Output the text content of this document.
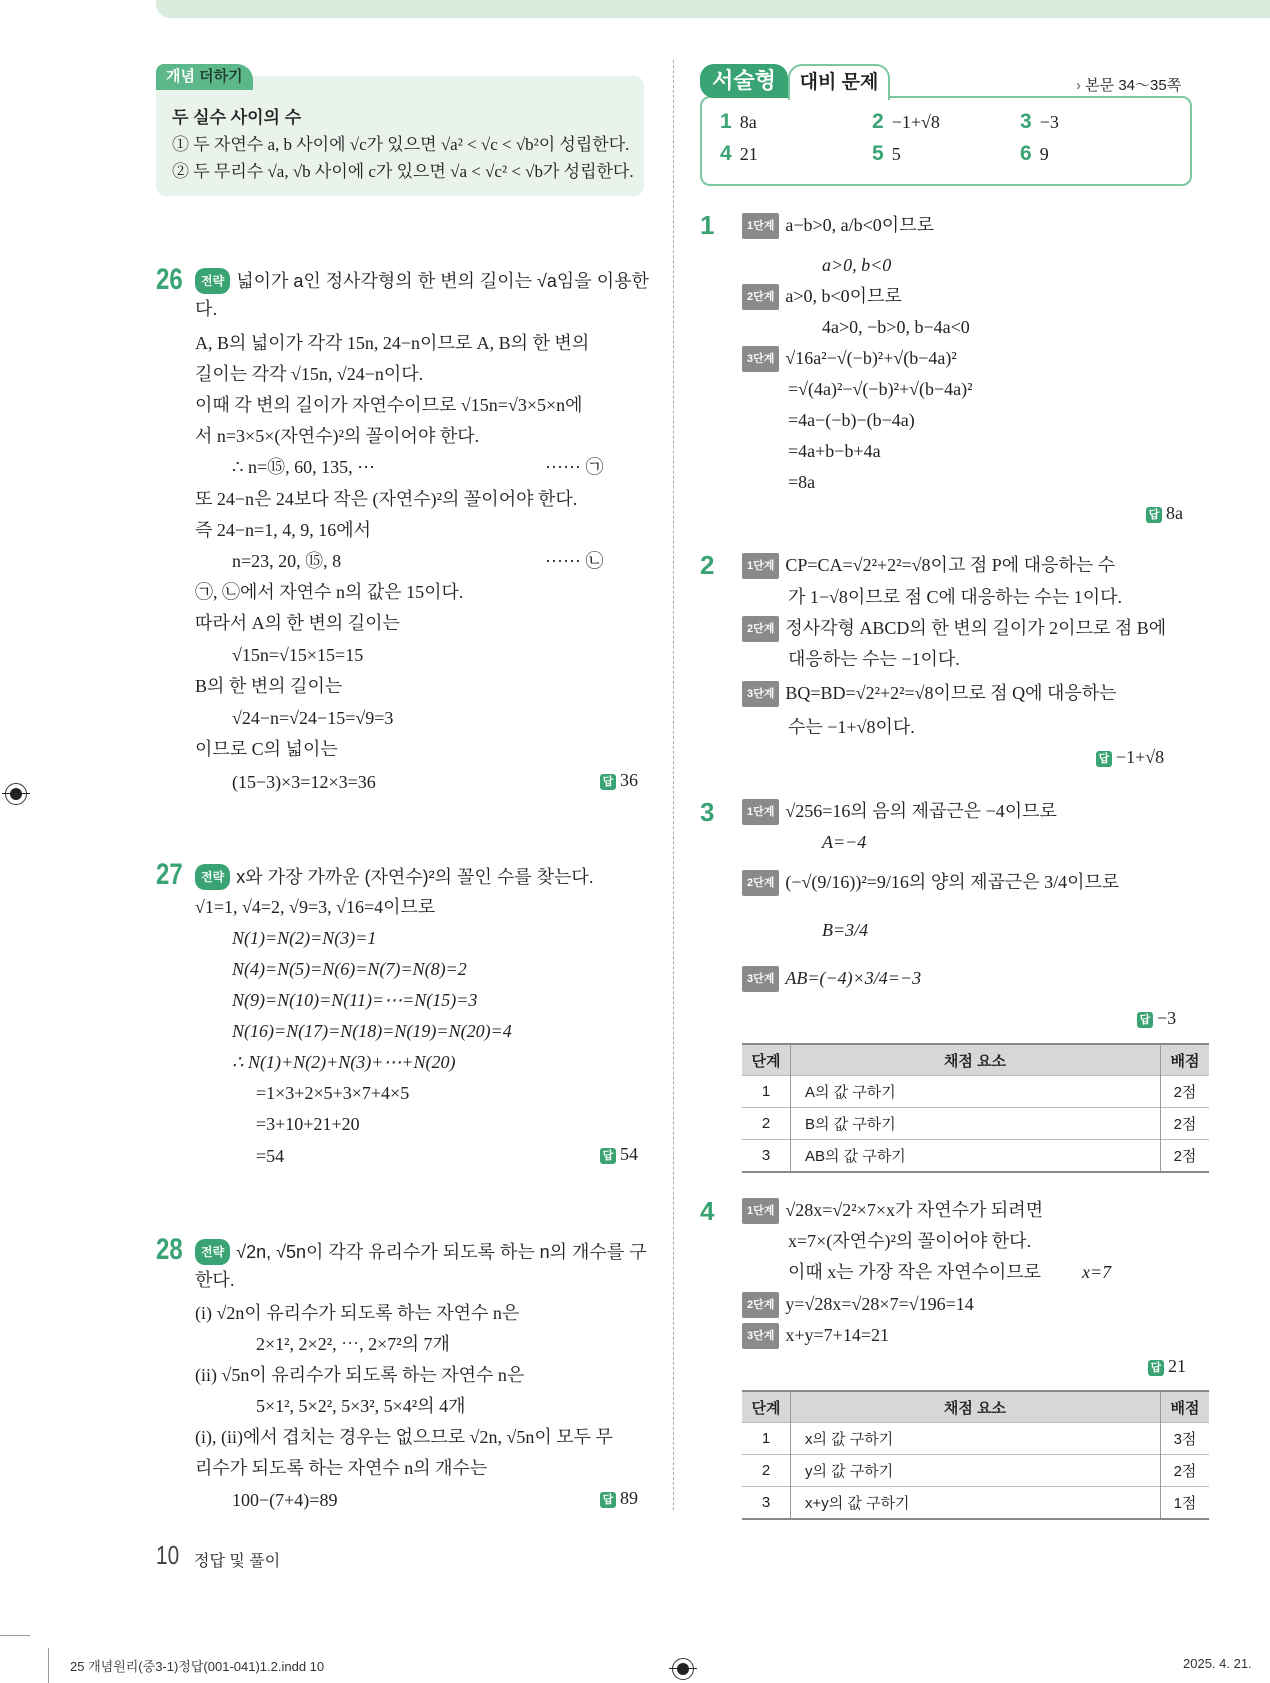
개념 더하기
두 실수 사이의 수
① 두 자연수 a, b 사이에 √c가 있으면 √a² < √c < √b²이 성립한다.
② 두 무리수 √a, √b 사이에 c가 있으면 √a < √c² < √b가 성립한다.
26	전략 넓이가 a인 정사각형의 한 변의 길이는 √a임을 이용한
다.
A, B의 넓이가 각각 15n, 24−n이므로 A, B의 한 변의
길이는 각각 √15n, √24−n이다.
이때 각 변의 길이가 자연수이므로 √15n=√3×5×n에
서 n=3×5×(자연수)²의 꼴이어야 한다.
∴ n=⑮, 60, 135, ⋯	······ ㉠
또 24−n은 24보다 작은 (자연수)²의 꼴이어야 한다.
즉 24−n=1, 4, 9, 16에서
n=23, 20, ⑮, 8	······ ㉡
㉠, ㉡에서 자연수 n의 값은 15이다.
따라서 A의 한 변의 길이는
√15n=√15×15=15
B의 한 변의 길이는
√24−n=√24−15=√9=3
이므로 C의 넓이는
(15−3)×3=12×3=36	답 36
27	전략 x와 가장 가까운 (자연수)²의 꼴인 수를 찾는다.
√1=1, √4=2, √9=3, √16=4이므로
N(1)=N(2)=N(3)=1
N(4)=N(5)=N(6)=N(7)=N(8)=2
N(9)=N(10)=N(11)=⋯=N(15)=3
N(16)=N(17)=N(18)=N(19)=N(20)=4
∴ N(1)+N(2)+N(3)+⋯+N(20)
=1×3+2×5+3×7+4×5
=3+10+21+20
=54	답 54
28	전략 √2n, √5n이 각각 유리수가 되도록 하는 n의 개수를 구
한다.
(i) √2n이 유리수가 되도록 하는 자연수 n은
2×1², 2×2², ⋯, 2×7²의 7개
(ii) √5n이 유리수가 되도록 하는 자연수 n은
5×1², 5×2², 5×3², 5×4²의 4개
(i), (ii)에서 겹치는 경우는 없으므로 √2n, √5n이 모두 무
리수가 되도록 하는 자연수 n의 개수는
100−(7+4)=89	답 89
서술형	대비 문제	› 본문 34～35쪽
1 8a	2 −1+√8	3 −3
4 21	5 5	6 9
1	1단계 a−b>0, a/b<0이므로
a>0, b<0
2단계 a>0, b<0이므로
4a>0, −b>0, b−4a<0
3단계 √16a²−√(−b)²+√(b−4a)²
=√(4a)²−√(−b)²+√(b−4a)²
=4a−(−b)−(b−4a)
=4a+b−b+4a
=8a
답 8a
2	1단계 CP=CA=√2²+2²=√8이고 점 P에 대응하는 수
가 1−√8이므로 점 C에 대응하는 수는 1이다.
2단계 정사각형 ABCD의 한 변의 길이가 2이므로 점 B에
대응하는 수는 −1이다.
3단계 BQ=BD=√2²+2²=√8이므로 점 Q에 대응하는
수는 −1+√8이다.
답 −1+√8
3	1단계 √256=16의 음의 제곱근은 −4이므로
A=−4
2단계 (−√(9/16))²=9/16의 양의 제곱근은 3/4이므로
B=3/4
3단계 AB=(−4)×3/4=−3
답 −3
단계	채점 요소	배점
1	A의 값 구하기	2점
2	B의 값 구하기	2점
3	AB의 값 구하기	2점
4	1단계 √28x=√2²×7×x가 자연수가 되려면
x=7×(자연수)²의 꼴이어야 한다.
이때 x는 가장 작은 자연수이므로 x=7
2단계 y=√28x=√28×7=√196=14
3단계 x+y=7+14=21
답 21
단계	채점 요소	배점
1	x의 값 구하기	3점
2	y의 값 구하기	2점
3	x+y의 값 구하기	1점
10 정답 및 풀이
25 개념원리(중3-1)정답(001-041)1.2.indd 10	2025. 4. 21.
